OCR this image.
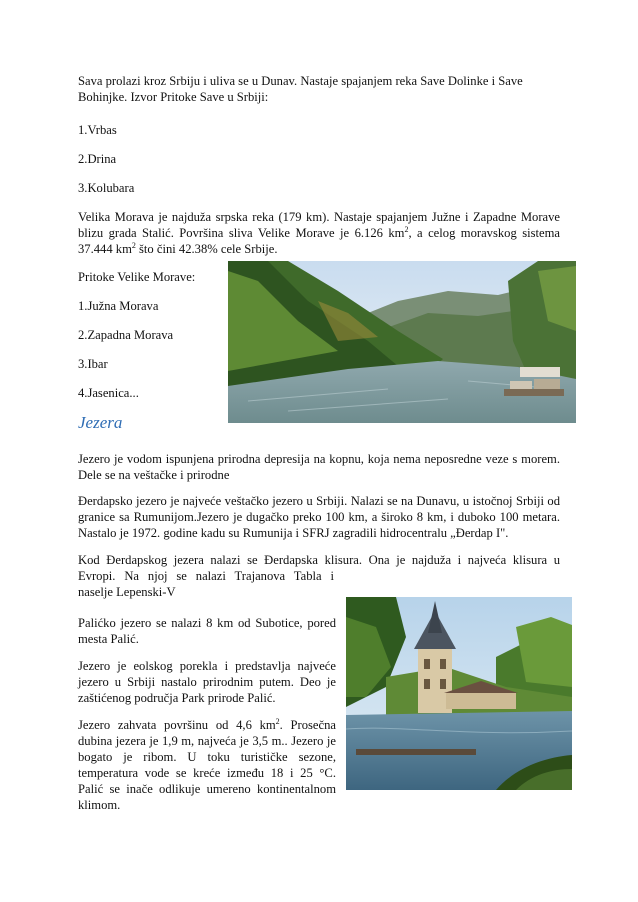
Sava prolazi kroz Srbiju i uliva se u Dunav. Nastaje spajanjem reka Save Dolinke i Save
Bohinjke. Izvor Pritoke Save u Srbiji:

1.Vrbas

2.Drina

3.Kolubara

Velika Morava je najduža srpska reka (179 km). Nastaje spajanjem Južne i Zapadne Morave blizu grada Stalić. Površina sliva Velike Morave je 6.126 $km^2$, a celog moravskog sistema 37.444 $km^2$ što čini 42.38% cele Srbije.

Pritoke Velike Morave:

1.Južna Morava

2.Zapadna Morava

3.Ibar

4.Jasenica...

Jezera

Jezero je vodom ispunjena prirodna depresija na kopnu, koja nema neposredne veze s morem. Dele se na veštačke i prirodne

Đerdapsko jezero je najveće veštačko jezero u Srbiji. Nalazi se na Dunavu, u istočnoj Srbiji od granice sa Rumunijom.Jezero je dugačko preko 100 km, a široko 8 km, i duboko 100 metara. Nastalo je 1972. godine kadu su Rumunija i SFRJ zagradili hidrocentralu „Đerdap I".

Kod Đerdapskog jezera nalazi se Đerdapska klisura. Ona je najduža i najveća klisura u
Evropi. Na njoj se nalazi Trajanova Tabla i
naselje Lepenski-V

Palićko jezero se nalazi 8 km od Subotice, pored mesta Palić.

Jezero je eolskog porekla i predstavlja najveće jezero u Srbiji nastalo prirodnim putem. Deo je zaštićenog područja Park prirode Palić.

Jezero zahvata površinu od 4,6 $km^2$. Prosečna dubina jezera je 1,9 m, najveća je 3,5 m.. Jezero je bogato je ribom. U toku turističke sezone, temperatura vode se kreće između 18 i 25 °C. Palić se inače odlikuje umereno kontinentalnom klimom.
